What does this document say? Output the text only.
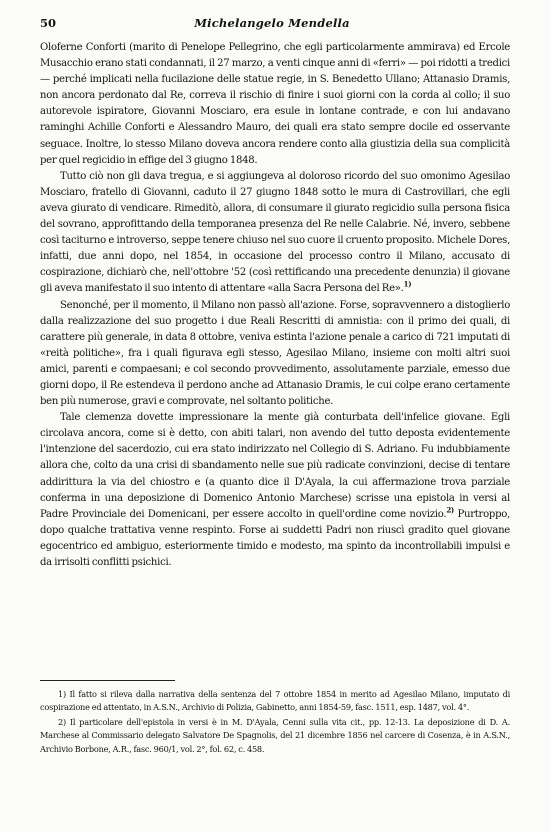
50	Michelangelo Mendella

Oloferne Conforti (marito di Penelope Pellegrino, che egli particolarmente ammirava) ed Ercole Musacchio erano stati condannati, il 27 marzo, a venti cinque anni di «ferri» — poi ridotti a tredici — perché implicati nella fucilazione delle statue regie, in S. Benedetto Ullano; Attanasio Dramis, non ancora perdonato dal Re, correva il rischio di finire i suoi giorni con la corda al collo; il suo autorevole ispiratore, Giovanni Mosciaro, era esule in lontane contrade, e con lui andavano raminghi Achille Conforti e Alessandro Mauro, dei quali era stato sempre docile ed osservante seguace. Inoltre, lo stesso Milano doveva ancora rendere conto alla giustizia della sua complicità per quel regicidio in effige del 3 giugno 1848.

Tutto ciò non gli dava tregua, e si aggiungeva al doloroso ricordo del suo omonimo Agesilao Mosciaro, fratello di Giovanni, caduto il 27 giugno 1848 sotto le mura di Castrovillari, che egli aveva giurato di vendicare. Rimeditò, allora, di consumare il giurato regicidio sulla persona fisica del sovrano, approfittando della temporanea presenza del Re nelle Calabrie. Né, invero, sebbene così taciturno e introverso, seppe tenere chiuso nel suo cuore il cruento proposito. Michele Dores, infatti, due anni dopo, nel 1854, in occasione del processo contro il Milano, accusato di cospirazione, dichiarò che, nell'ottobre '52 (così rettificando una precedente denunzia) il giovane gli aveva manifestato il suo intento di attentare «alla Sacra Persona del Re».$^{1)}$

Senonché, per il momento, il Milano non passò all'azione. Forse, sopravvennero a distoglierlo dalla realizzazione del suo progetto i due Reali Rescritti di amnistia: con il primo dei quali, di carattere più generale, in data 8 ottobre, veniva estinta l'azione penale a carico di 721 imputati di «reità politiche», fra i quali figurava egli stesso, Agesilao Milano, insieme con molti altri suoi amici, parenti e compaesani; e col secondo provvedimento, assolutamente parziale, emesso due giorni dopo, il Re estendeva il perdono anche ad Attanasio Dramis, le cui colpe erano certamente ben più numerose, gravi e comprovate, nel soltanto politiche.

Tale clemenza dovette impressionare la mente già conturbata dell'infelice giovane. Egli circolava ancora, come si è detto, con abiti talari, non avendo del tutto deposta evidentemente l'intenzione del sacerdozio, cui era stato indirizzato nel Collegio di S. Adriano. Fu indubbiamente allora che, colto da una crisi di sbandamento nelle sue più radicate convinzioni, decise di tentare addirittura la via del chiostro e (a quanto dice il D'Ayala, la cui affermazione trova parziale conferma in una deposizione di Domenico Antonio Marchese) scrisse una epistola in versi al Padre Provinciale dei Domenicani, per essere accolto in quell'ordine come novizio.$^{2)}$ Purtroppo, dopo qualche trattativa venne respinto. Forse ai suddetti Padri non riuscì gradito quel giovane egocentrico ed ambiguo, esteriormente timido e modesto, ma spinto da incontrollabili impulsi e da irrisolti conflitti psichici.

1) Il fatto si rileva dalla narrativa della sentenza del 7 ottobre 1854 in merito ad Agesilao Milano, imputato di cospirazione ed attentato, in A.S.N., Archivio di Polizia, Gabinetto, anni 1854-59, fasc. 1511, esp. 1487, vol. 4°.

2) Il particolare dell'epistola in versi è in M. D'Ayala, Cenni sulla vita cit., pp. 12-13. La deposizione di D. A. Marchese al Commissario delegato Salvatore De Spagnolis, del 21 dicembre 1856 nel carcere di Cosenza, è in A.S.N., Archivio Borbone, A.R., fasc. 960/1, vol. 2°, fol. 62, c. 458.
